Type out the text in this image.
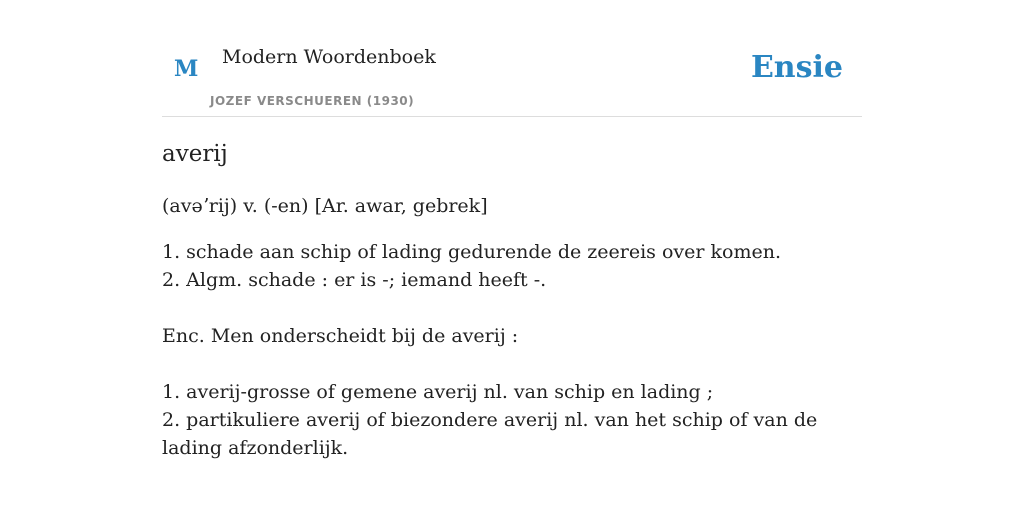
M Modern Woordenboek
JOZEF VERSCHUEREN (1930)
Ensie
averij
(avəʼrij) v. (-en) [Ar. awar, gebrek]
1. schade aan schip of lading gedurende de zeereis over komen.
2. Algm. schade : er is -; iemand heeft -.
Enc. Men onderscheidt bij de averij :
1. averij-grosse of gemene averij nl. van schip en lading ;
2. partikuliere averij of biezondere averij nl. van het schip of van de lading afzonderlijk.
